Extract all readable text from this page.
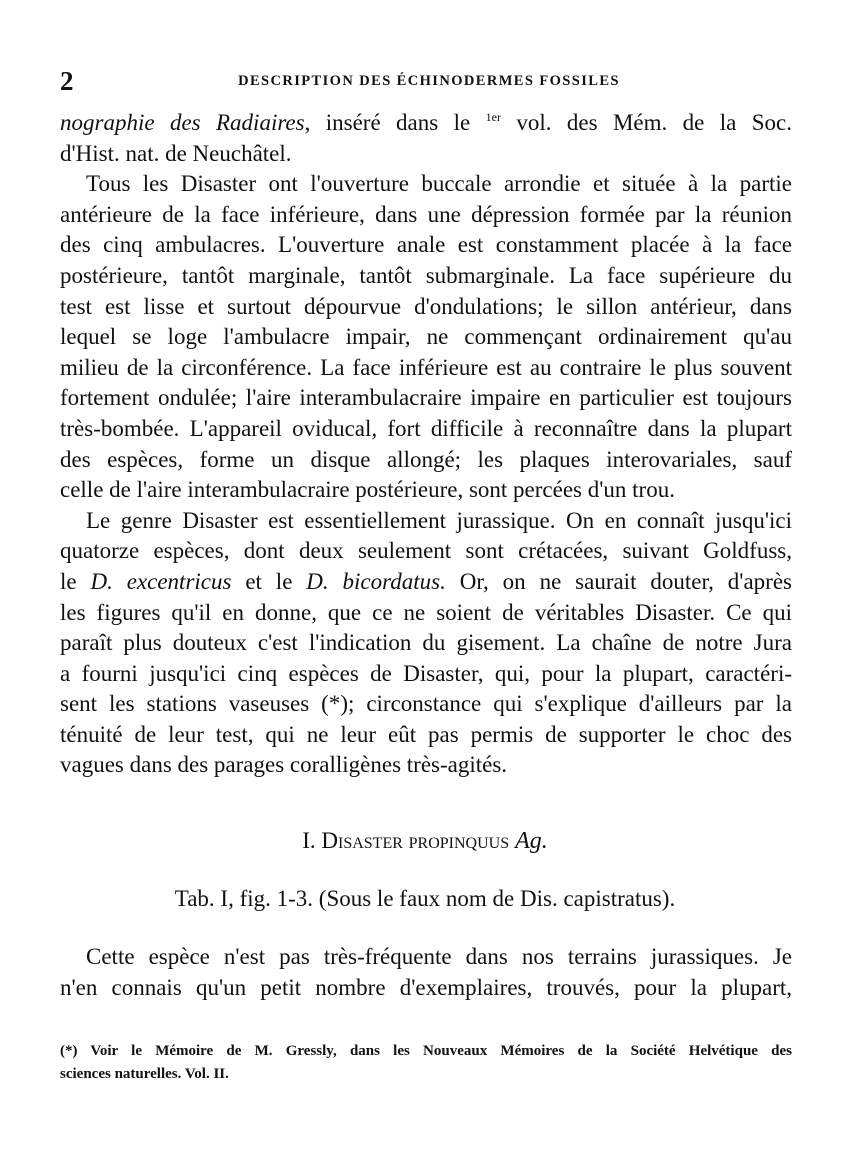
2	DESCRIPTION DES ÉCHINODERMES FOSSILES
nographie des Radiaires, inséré dans le $^{1er}$ vol. des Mém. de la Soc.
d'Hist. nat. de Neuchâtel.
Tous les Disaster ont l'ouverture buccale arrondie et située à la partie
antérieure de la face inférieure, dans une dépression formée par la réunion
des cinq ambulacres. L'ouverture anale est constamment placée à la face
postérieure, tantôt marginale, tantôt submarginale. La face supérieure du
test est lisse et surtout dépourvue d'ondulations; le sillon antérieur, dans
lequel se loge l'ambulacre impair, ne commençant ordinairement qu'au
milieu de la circonférence. La face inférieure est au contraire le plus souvent
fortement ondulée; l'aire interambulacraire impaire en particulier est toujours
très-bombée. L'appareil oviducal, fort difficile à reconnaître dans la plupart
des espèces, forme un disque allongé; les plaques interovariales, sauf
celle de l'aire interambulacraire postérieure, sont percées d'un trou.
Le genre Disaster est essentiellement jurassique. On en connaît jusqu'ici
quatorze espèces, dont deux seulement sont crétacées, suivant Goldfuss,
le D. excentricus et le D. bicordatus. Or, on ne saurait douter, d'après
les figures qu'il en donne, que ce ne soient de véritables Disaster. Ce qui
paraît plus douteux c'est l'indication du gisement. La chaîne de notre Jura
a fourni jusqu'ici cinq espèces de Disaster, qui, pour la plupart, caractéri-
sent les stations vaseuses (*); circonstance qui s'explique d'ailleurs par la
ténuité de leur test, qui ne leur eût pas permis de supporter le choc des
vagues dans des parages coralligènes très-agités.
I. Disaster propinquus Ag.
Tab. I, fig. 1-3. (Sous le faux nom de Dis. capistratus).
Cette espèce n'est pas très-fréquente dans nos terrains jurassiques. Je
n'en connais qu'un petit nombre d'exemplaires, trouvés, pour la plupart,
(*) Voir le Mémoire de M. Gressly, dans les Nouveaux Mémoires de la Société Helvétique des
sciences naturelles. Vol. II.
